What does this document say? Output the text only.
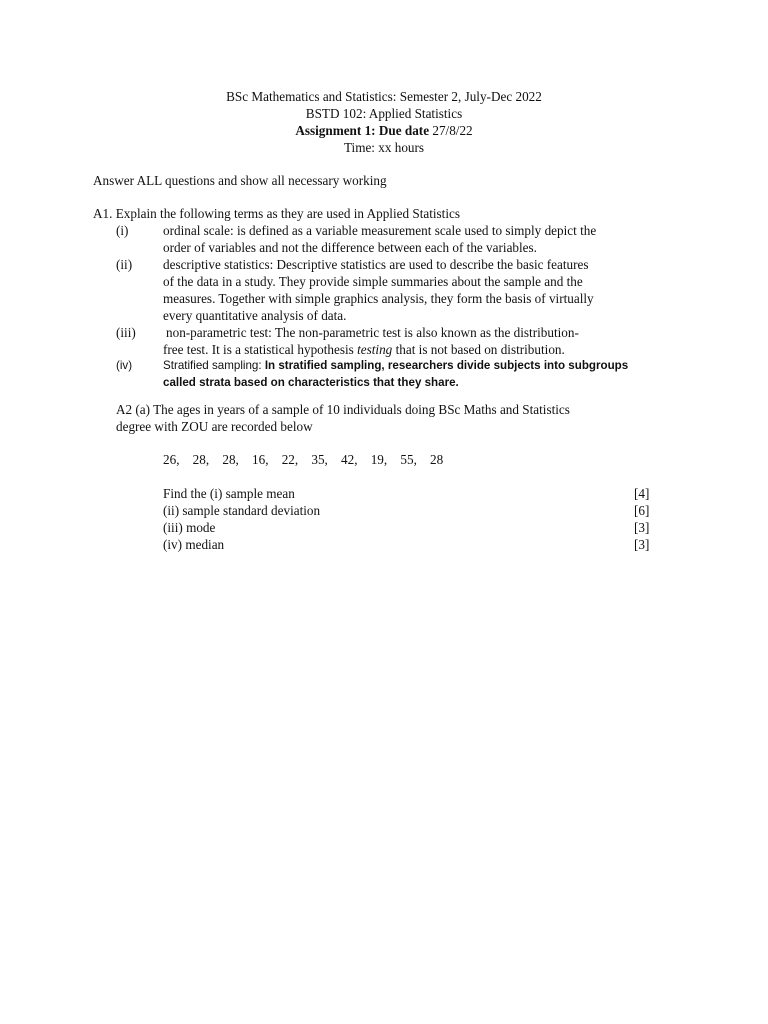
BSc Mathematics and Statistics: Semester 2, July-Dec 2022
BSTD 102: Applied Statistics
Assignment 1: Due date 27/8/22
Time: xx hours
Answer ALL questions and show all necessary working
A1. Explain the following terms as they are used in Applied Statistics
(i)	ordinal scale: is defined as a variable measurement scale used to simply depict the
order of variables and not the difference between each of the variables.
(ii) descriptive statistics: Descriptive statistics are used to describe the basic features
of the data in a study. They provide simple summaries about the sample and the
measures. Together with simple graphics analysis, they form the basis of virtually
every quantitative analysis of data.
(iii) non-parametric test: The non-parametric test is also known as the distribution-
free test. It is a statistical hypothesis testing that is not based on distribution.
(iv)	Stratified sampling: In stratified sampling, researchers divide subjects into subgroups
called strata based on characteristics that they share.
A2 (a) The ages in years of a sample of 10 individuals doing BSc Maths and Statistics
degree with ZOU are recorded below
26,    28,    28,    16,    22,    35,    42,    19,    55,    28
Find the (i) sample mean	[4]
(ii) sample standard deviation	[6]
(iii) mode	[3]
(iv) median	[3]
